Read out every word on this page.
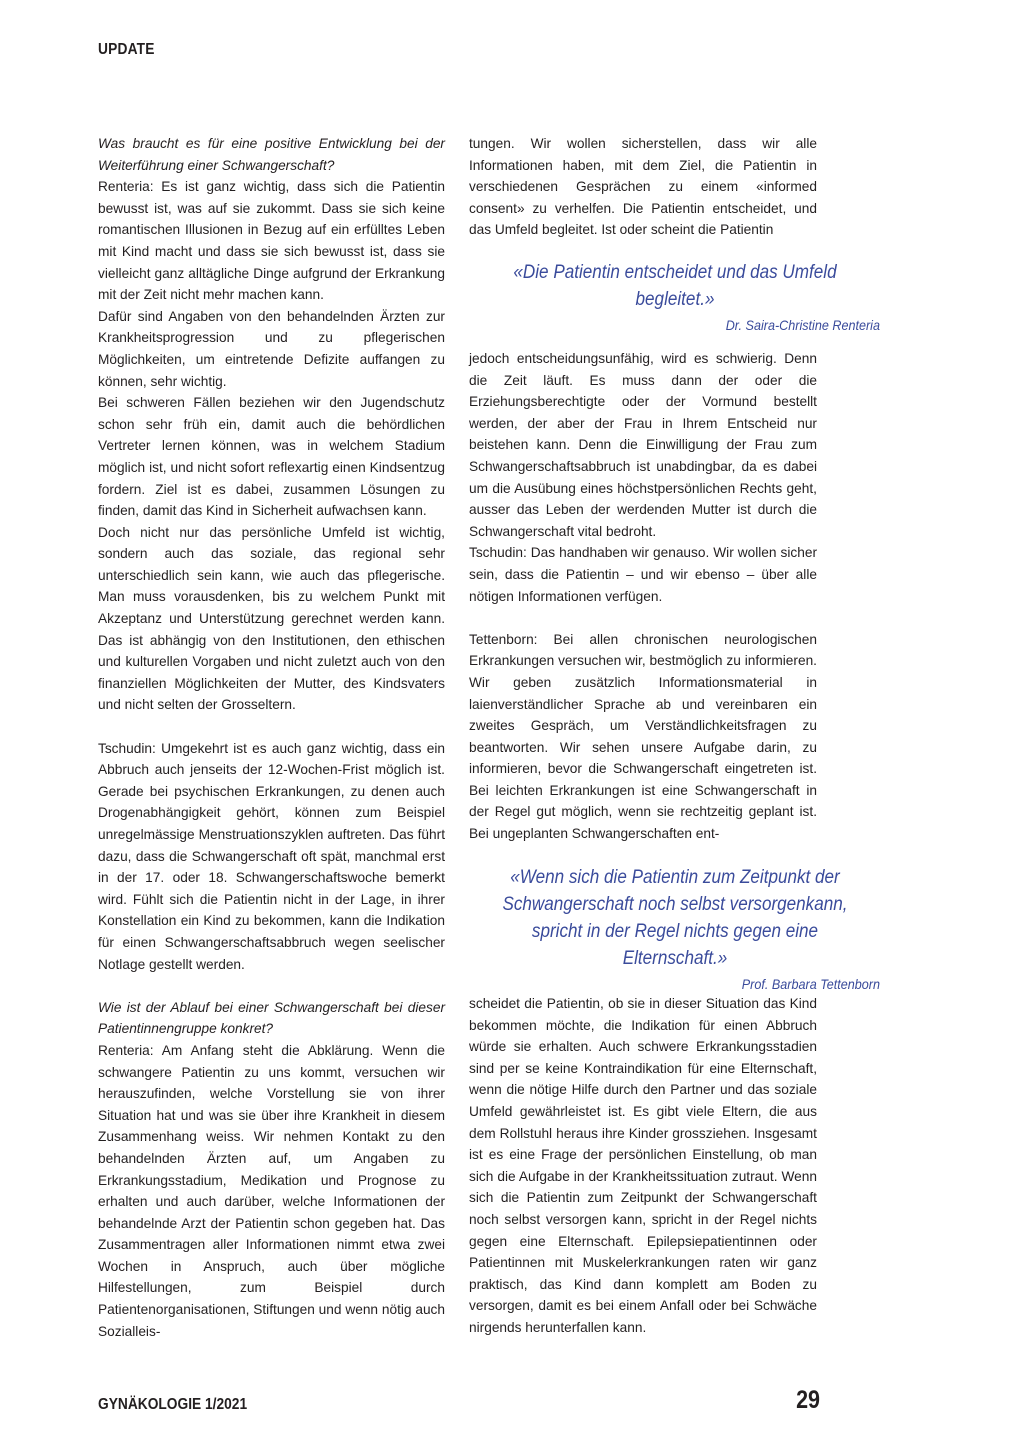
UPDATE

Was braucht es für eine positive Entwicklung bei der Weiterführung einer Schwangerschaft?

Renteria: Es ist ganz wichtig, dass sich die Patientin bewusst ist, was auf sie zukommt. Dass sie sich keine romantischen Illusionen in Bezug auf ein erfülltes Leben mit Kind macht und dass sie sich bewusst ist, dass sie vielleicht ganz alltägliche Dinge aufgrund der Erkrankung mit der Zeit nicht mehr machen kann.

Dafür sind Angaben von den behandelnden Ärzten zur Krankheitsprogression und zu pflegerischen Möglichkeiten, um eintretende Defizite auffangen zu können, sehr wichtig.

Bei schweren Fällen beziehen wir den Jugendschutz schon sehr früh ein, damit auch die behördlichen Vertreter lernen können, was in welchem Stadium möglich ist, und nicht sofort reflexartig einen Kindsentzug fordern. Ziel ist es dabei, zusammen Lösungen zu finden, damit das Kind in Sicherheit aufwachsen kann.

Doch nicht nur das persönliche Umfeld ist wichtig, sondern auch das soziale, das regional sehr unterschiedlich sein kann, wie auch das pflegerische. Man muss vorausdenken, bis zu welchem Punkt mit Akzeptanz und Unterstützung gerechnet werden kann. Das ist abhängig von den Institutionen, den ethischen und kulturellen Vorgaben und nicht zuletzt auch von den finanziellen Möglichkeiten der Mutter, des Kindsvaters und nicht selten der Grosseltern.

Tschudin: Umgekehrt ist es auch ganz wichtig, dass ein Abbruch auch jenseits der 12-Wochen-Frist möglich ist. Gerade bei psychischen Erkrankungen, zu denen auch Drogenabhängigkeit gehört, können zum Beispiel unregelmässige Menstruationszyklen auftreten. Das führt dazu, dass die Schwangerschaft oft spät, manchmal erst in der 17. oder 18. Schwangerschaftswoche bemerkt wird. Fühlt sich die Patientin nicht in der Lage, in ihrer Konstellation ein Kind zu bekommen, kann die Indikation für einen Schwangerschaftsabbruch wegen seelischer Notlage gestellt werden.

Wie ist der Ablauf bei einer Schwangerschaft bei dieser Patientinnengruppe konkret?

Renteria: Am Anfang steht die Abklärung. Wenn die schwangere Patientin zu uns kommt, versuchen wir herauszufinden, welche Vorstellung sie von ihrer Situation hat und was sie über ihre Krankheit in diesem Zusammenhang weiss. Wir nehmen Kontakt zu den behandelnden Ärzten auf, um Angaben zu Erkrankungsstadium, Medikation und Prognose zu erhalten und auch darüber, welche Informationen der behandelnde Arzt der Patientin schon gegeben hat. Das Zusammentragen aller Informationen nimmt etwa zwei Wochen in Anspruch, auch über mögliche Hilfestellungen, zum Beispiel durch Patientenorganisationen, Stiftungen und wenn nötig auch Sozialleis-

tungen. Wir wollen sicherstellen, dass wir alle Informationen haben, mit dem Ziel, die Patientin in verschiedenen Gesprächen zu einem «informed consent» zu verhelfen. Die Patientin entscheidet, und das Umfeld begleitet. Ist oder scheint die Patientin

«Die Patientin entscheidet und das Umfeld begleitet.»
Dr. Saira-Christine Renteria

jedoch entscheidungsunfähig, wird es schwierig. Denn die Zeit läuft. Es muss dann der oder die Erziehungsberechtigte oder der Vormund bestellt werden, der aber der Frau in Ihrem Entscheid nur beistehen kann. Denn die Einwilligung der Frau zum Schwangerschaftsabbruch ist unabdingbar, da es dabei um die Ausübung eines höchstpersönlichen Rechts geht, ausser das Leben der werdenden Mutter ist durch die Schwangerschaft vital bedroht.

Tschudin: Das handhaben wir genauso. Wir wollen sicher sein, dass die Patientin – und wir ebenso – über alle nötigen Informationen verfügen.

Tettenborn: Bei allen chronischen neurologischen Erkrankungen versuchen wir, bestmöglich zu informieren. Wir geben zusätzlich Informationsmaterial in laienverständlicher Sprache ab und vereinbaren ein zweites Gespräch, um Verständlichkeitsfragen zu beantworten. Wir sehen unsere Aufgabe darin, zu informieren, bevor die Schwangerschaft eingetreten ist. Bei leichten Erkrankungen ist eine Schwangerschaft in der Regel gut möglich, wenn sie rechtzeitig geplant ist. Bei ungeplanten Schwangerschaften ent-

«Wenn sich die Patientin zum Zeitpunkt der Schwangerschaft noch selbst versorgenkann, spricht in der Regel nichts gegen eine Elternschaft.»
Prof. Barbara Tettenborn

scheidet die Patientin, ob sie in dieser Situation das Kind bekommen möchte, die Indikation für einen Abbruch würde sie erhalten. Auch schwere Erkrankungsstadien sind per se keine Kontraindikation für eine Elternschaft, wenn die nötige Hilfe durch den Partner und das soziale Umfeld gewährleistet ist. Es gibt viele Eltern, die aus dem Rollstuhl heraus ihre Kinder grossziehen. Insgesamt ist es eine Frage der persönlichen Einstellung, ob man sich die Aufgabe in der Krankheitssituation zutraut. Wenn sich die Patientin zum Zeitpunkt der Schwangerschaft noch selbst versorgen kann, spricht in der Regel nichts gegen eine Elternschaft. Epilepsiepatientinnen oder Patientinnen mit Muskelerkrankungen raten wir ganz praktisch, das Kind dann komplett am Boden zu versorgen, damit es bei einem Anfall oder bei Schwäche nirgends herunterfallen kann.

GYNÄKOLOGIE 1/2021	29
